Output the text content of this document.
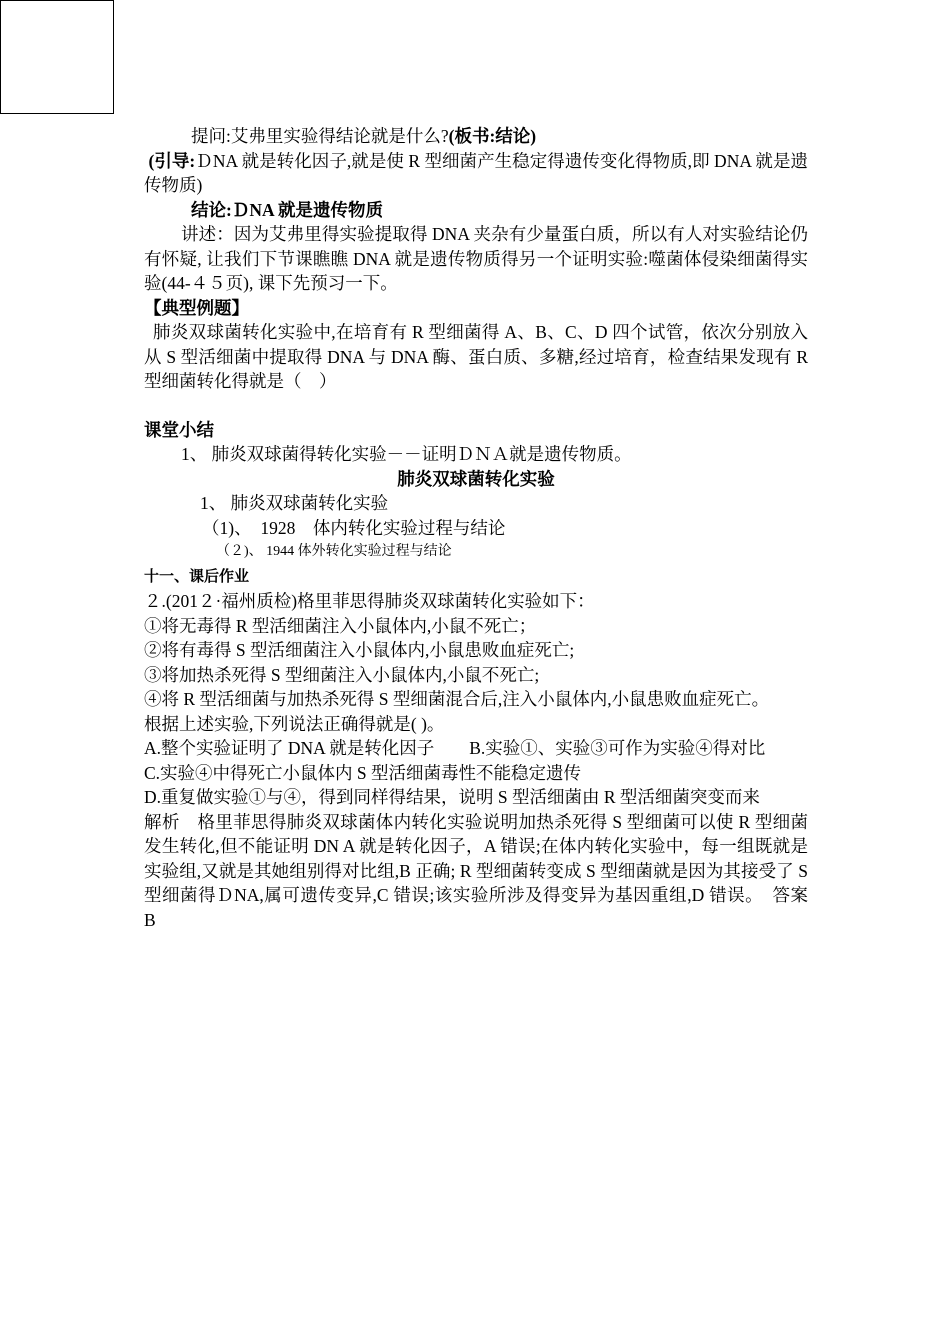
提问:艾弗里实验得结论就是什么?(板书:结论)

(引导:ＤNA 就是转化因子,就是使 R 型细菌产生稳定得遗传变化得物质,即 DNA 就是遗传物质)

结论:ＤNA 就是遗传物质

讲述：因为艾弗里得实验提取得 DNA 夹杂有少量蛋白质，所以有人对实验结论仍有怀疑, 让我们下节课瞧瞧 DNA 就是遗传物质得另一个证明实验:噬菌体侵染细菌得实验(44‐４５页), 课下先预习一下。

【典型例题】

肺炎双球菌转化实验中,在培育有 R 型细菌得 A、B、C、D 四个试管，依次分别放入从 S 型活细菌中提取得 DNA 与 DNA 酶、蛋白质、多糖,经过培育，检查结果发现有 R 型细菌转化得就是（　）

课堂小结

1、 肺炎双球菌得转化实验－－证明ＤＮＡ就是遗传物质。

肺炎双球菌转化实验

1、 肺炎双球菌转化实验

（1)、　1928　体内转化实验过程与结论

（２)、 1944 体外转化实验过程与结论

十一、课后作业

２.(201２·福州质检)格里菲思得肺炎双球菌转化实验如下：

①将无毒得 R 型活细菌注入小鼠体内,小鼠不死亡；

②将有毒得 S 型活细菌注入小鼠体内,小鼠患败血症死亡;

③将加热杀死得 S 型细菌注入小鼠体内,小鼠不死亡;

④将 R 型活细菌与加热杀死得 S 型细菌混合后,注入小鼠体内,小鼠患败血症死亡。

根据上述实验,下列说法正确得就是( )。

A.整个实验证明了 DNA 就是转化因子　　B.实验①、实验③可作为实验④得对比

C.实验④中得死亡小鼠体内 S 型活细菌毒性不能稳定遗传

D.重复做实验①与④，得到同样得结果，说明 S 型活细菌由 R 型活细菌突变而来

解析　格里菲思得肺炎双球菌体内转化实验说明加热杀死得 S 型细菌可以使 R 型细菌发生转化,但不能证明 DN A 就是转化因子，A 错误;在体内转化实验中，每一组既就是实验组,又就是其她组别得对比组,B 正确; R 型细菌转变成 S 型细菌就是因为其接受了 S 型细菌得ＤNA,属可遗传变异,C 错误;该实验所涉及得变异为基因重组,D 错误。　答案　B
